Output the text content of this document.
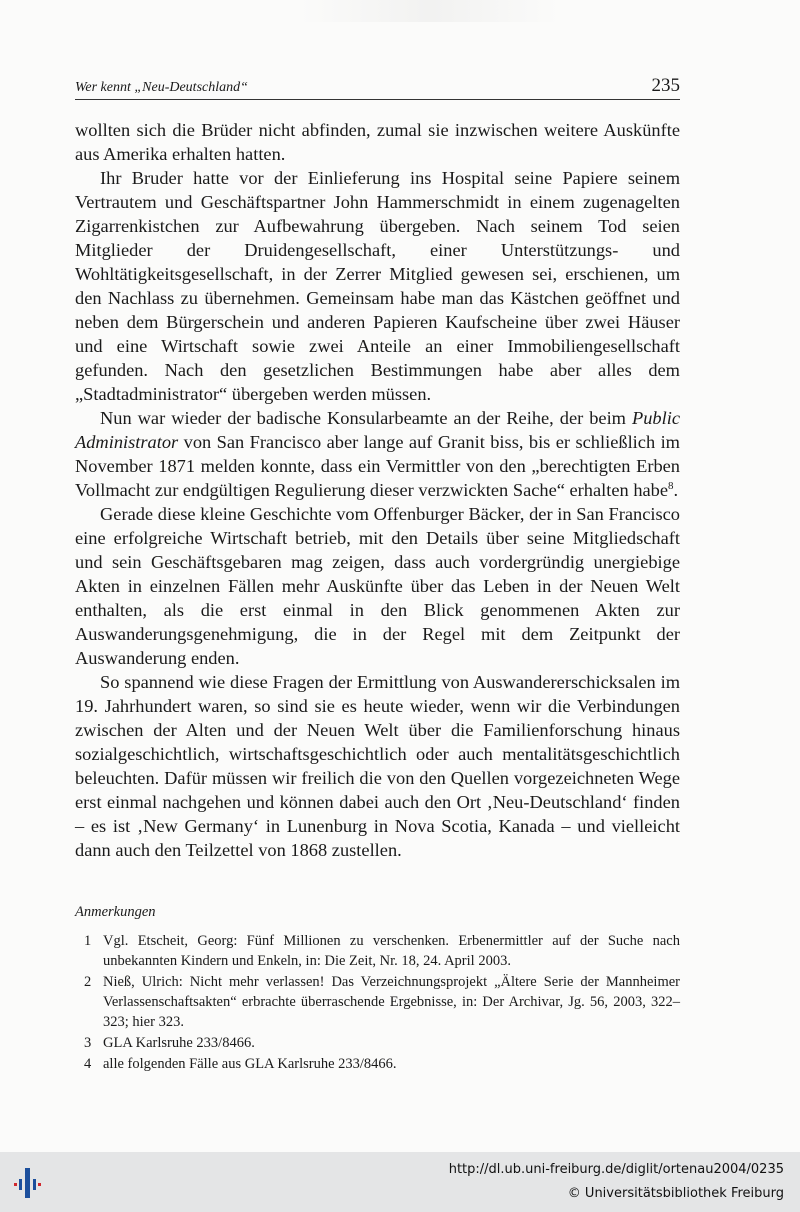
Wer kennt „Neu-Deutschland“	235

wollten sich die Brüder nicht abfinden, zumal sie inzwischen weitere Auskünfte aus Amerika erhalten hatten.

Ihr Bruder hatte vor der Einlieferung ins Hospital seine Papiere seinem Vertrautem und Geschäftspartner John Hammerschmidt in einem zugenagelten Zigarrenkistchen zur Aufbewahrung übergeben. Nach seinem Tod seien Mitglieder der Druidengesellschaft, einer Unterstützungs- und Wohltätigkeitsgesellschaft, in der Zerrer Mitglied gewesen sei, erschienen, um den Nachlass zu übernehmen. Gemeinsam habe man das Kästchen geöffnet und neben dem Bürgerschein und anderen Papieren Kaufscheine über zwei Häuser und eine Wirtschaft sowie zwei Anteile an einer Immobiliengesellschaft gefunden. Nach den gesetzlichen Bestimmungen habe aber alles dem „Stadtadministrator“ übergeben werden müssen.

Nun war wieder der badische Konsularbeamte an der Reihe, der beim Public Administrator von San Francisco aber lange auf Granit biss, bis er schließlich im November 1871 melden konnte, dass ein Vermittler von den „berechtigten Erben Vollmacht zur endgültigen Regulierung dieser verzwickten Sache“ erhalten habe$^8$.

Gerade diese kleine Geschichte vom Offenburger Bäcker, der in San Francisco eine erfolgreiche Wirtschaft betrieb, mit den Details über seine Mitgliedschaft und sein Geschäftsgebaren mag zeigen, dass auch vordergründig unergiebige Akten in einzelnen Fällen mehr Auskünfte über das Leben in der Neuen Welt enthalten, als die erst einmal in den Blick genommenen Akten zur Auswanderungsgenehmigung, die in der Regel mit dem Zeitpunkt der Auswanderung enden.

So spannend wie diese Fragen der Ermittlung von Auswandererschicksalen im 19. Jahrhundert waren, so sind sie es heute wieder, wenn wir die Verbindungen zwischen der Alten und der Neuen Welt über die Familienforschung hinaus sozialgeschichtlich, wirtschaftsgeschichtlich oder auch mentalitätsgeschichtlich beleuchten. Dafür müssen wir freilich die von den Quellen vorgezeichneten Wege erst einmal nachgehen und können dabei auch den Ort ‚Neu-Deutschland‘ finden – es ist ‚New Germany‘ in Lunenburg in Nova Scotia, Kanada – und vielleicht dann auch den Teilzettel von 1868 zustellen.

Anmerkungen
1 Vgl. Etscheit, Georg: Fünf Millionen zu verschenken. Erbenermittler auf der Suche nach unbekannten Kindern und Enkeln, in: Die Zeit, Nr. 18, 24. April 2003.
2 Nieß, Ulrich: Nicht mehr verlassen! Das Verzeichnungsprojekt „Ältere Serie der Mannheimer Verlassenschaftsakten“ erbrachte überraschende Ergebnisse, in: Der Archivar, Jg. 56, 2003, 322–323; hier 323.
3 GLA Karlsruhe 233/8466.
4 alle folgenden Fälle aus GLA Karlsruhe 233/8466.
http://dl.ub.uni-freiburg.de/diglit/ortenau2004/0235
© Universitätsbibliothek Freiburg
